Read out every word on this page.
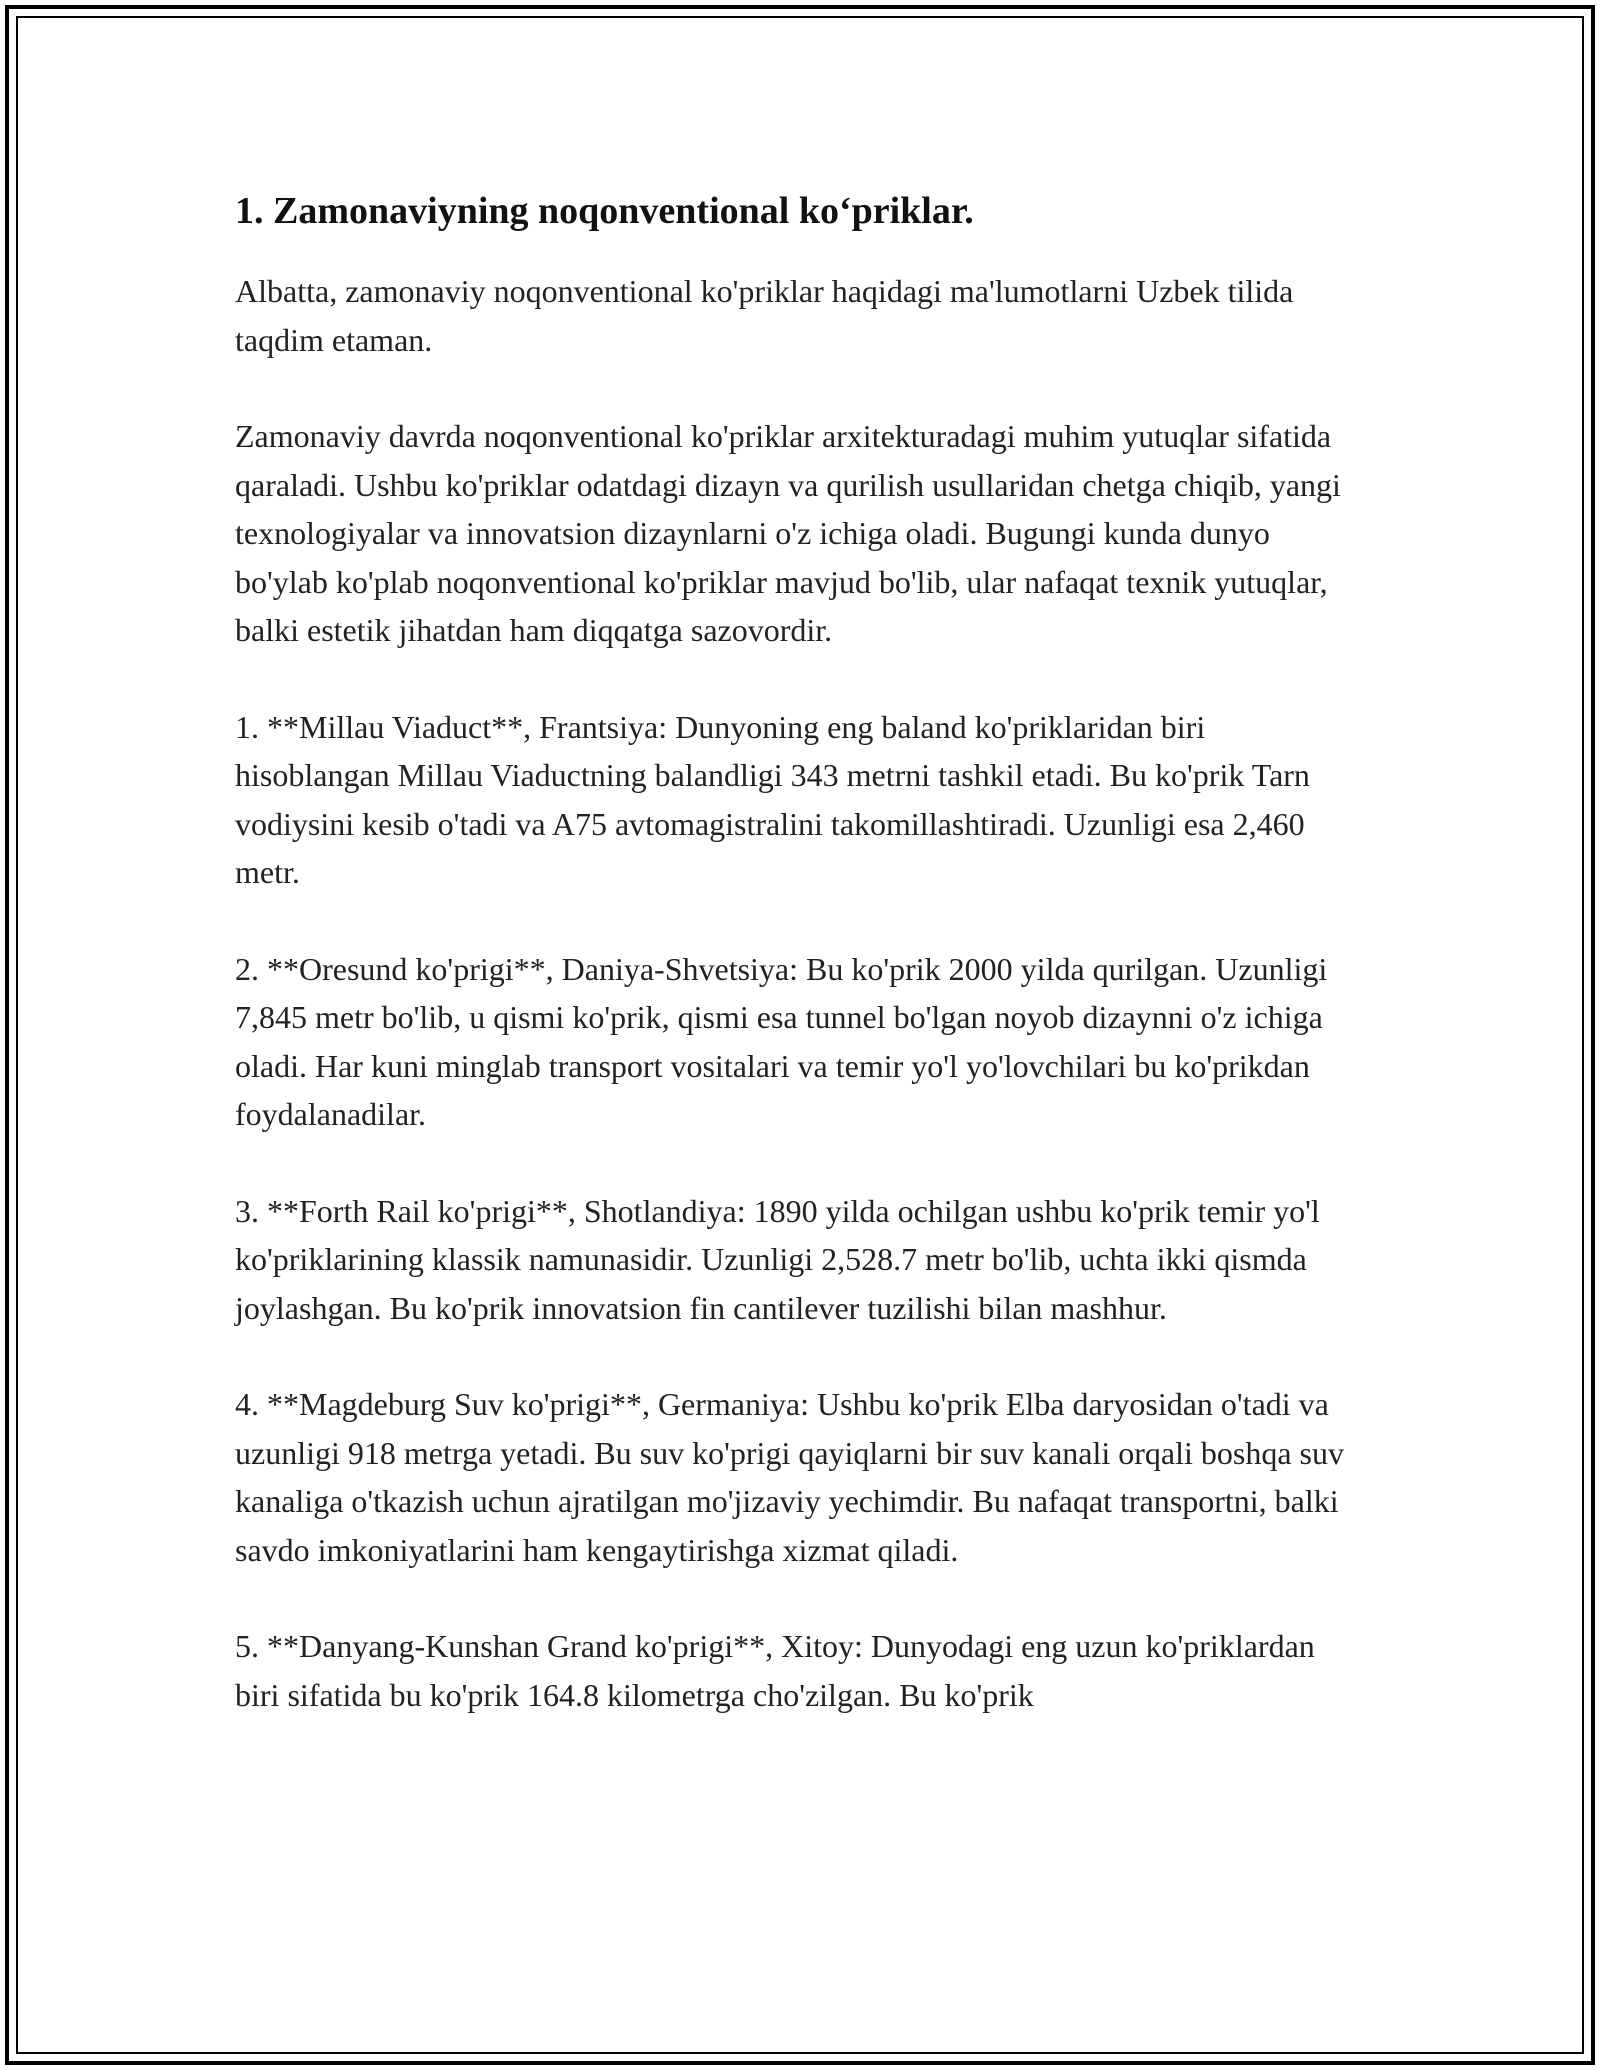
1. Zamonaviyning noqonventional ko‘priklar.

Albatta, zamonaviy noqonventional ko'priklar haqidagi ma'lumotlarni Uzbek tilida taqdim etaman.

Zamonaviy davrda noqonventional ko'priklar arxitekturadagi muhim yutuqlar sifatida qaraladi. Ushbu ko'priklar odatdagi dizayn va qurilish usullaridan chetga chiqib, yangi texnologiyalar va innovatsion dizaynlarni o'z ichiga oladi. Bugungi kunda dunyo bo'ylab ko'plab noqonventional ko'priklar mavjud bo'lib, ular nafaqat texnik yutuqlar, balki estetik jihatdan ham diqqatga sazovordir.

1. **Millau Viaduct**, Frantsiya: Dunyoning eng baland ko'priklaridan biri hisoblangan Millau Viaductning balandligi 343 metrni tashkil etadi. Bu ko'prik Tarn vodiysini kesib o'tadi va A75 avtomagistralini takomillashtiradi. Uzunligi esa 2,460 metr.

2. **Oresund ko'prigi**, Daniya-Shvetsiya: Bu ko'prik 2000 yilda qurilgan. Uzunligi 7,845 metr bo'lib, u qismi ko'prik, qismi esa tunnel bo'lgan noyob dizaynni o'z ichiga oladi. Har kuni minglab transport vositalari va temir yo'l yo'lovchilari bu ko'prikdan foydalanadilar.

3. **Forth Rail ko'prigi**, Shotlandiya: 1890 yilda ochilgan ushbu ko'prik temir yo'l ko'priklarining klassik namunasidir. Uzunligi 2,528.7 metr bo'lib, uchta ikki qismda joylashgan. Bu ko'prik innovatsion fin cantilever tuzilishi bilan mashhur.

4. **Magdeburg Suv ko'prigi**, Germaniya: Ushbu ko'prik Elba daryosidan o'tadi va uzunligi 918 metrga yetadi. Bu suv ko'prigi qayiqlarni bir suv kanali orqali boshqa suv kanaliga o'tkazish uchun ajratilgan mo'jizaviy yechimdir. Bu nafaqat transportni, balki savdo imkoniyatlarini ham kengaytirishga xizmat qiladi.

5. **Danyang-Kunshan Grand ko'prigi**, Xitoy: Dunyodagi eng uzun ko'priklardan biri sifatida bu ko'prik 164.8 kilometrga cho'zilgan. Bu ko'prik
